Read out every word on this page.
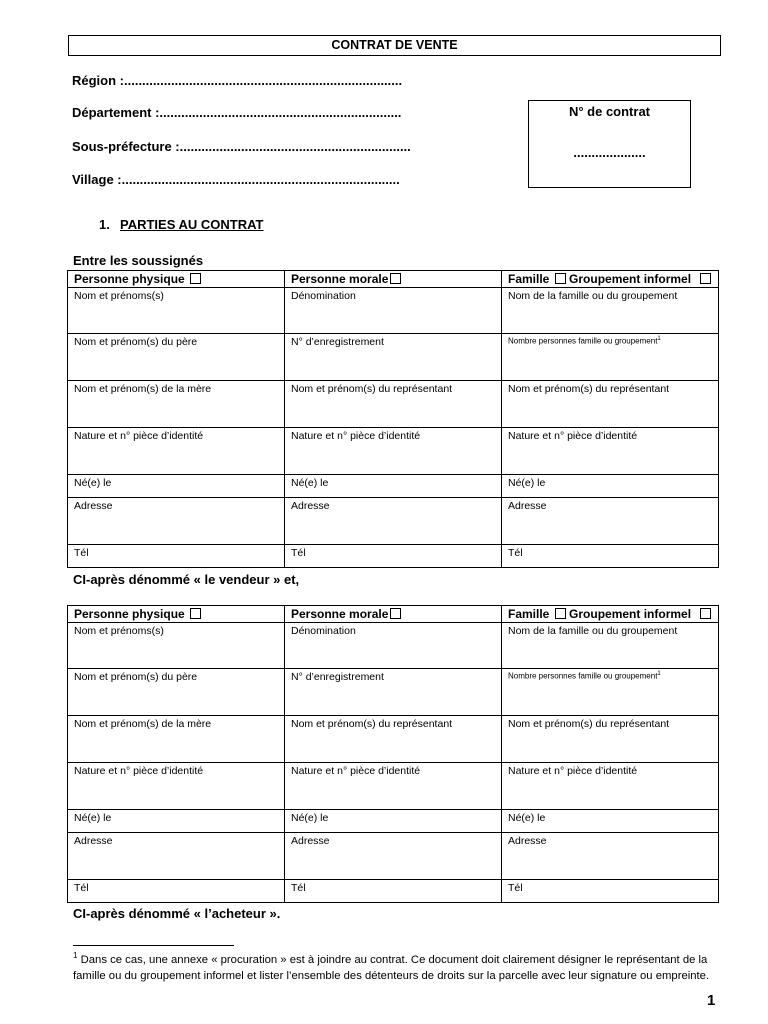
CONTRAT DE VENTE
Région :.............................................................................
Département :...................................................................
Sous-préfecture :................................................................
Village :.............................................................................
N° de contrat
....................
1. PARTIES AU CONTRAT
Entre les soussignés
Personne physique	Personne morale	Famille Groupement informel
Nom et prénoms(s)	Dénomination	Nom de la famille ou du groupement
Nom et prénom(s) du père	N° d’enregistrement	Nombre personnes famille ou groupement$^1$
Nom et prénom(s) de la mère	Nom et prénom(s) du représentant	Nom et prénom(s) du représentant
Nature et n° pièce d’identité	Nature et n° pièce d’identité	Nature et n° pièce d’identité
Né(e) le	Né(e) le	Né(e) le
Adresse	Adresse	Adresse
Tél	Tél	Tél
CI-après dénommé « le vendeur » et,
Personne physique	Personne morale	Famille Groupement informel
Nom et prénoms(s)	Dénomination	Nom de la famille ou du groupement
Nom et prénom(s) du père	N° d’enregistrement	Nombre personnes famille ou groupement$^1$
Nom et prénom(s) de la mère	Nom et prénom(s) du représentant	Nom et prénom(s) du représentant
Nature et n° pièce d’identité	Nature et n° pièce d’identité	Nature et n° pièce d’identité
Né(e) le	Né(e) le	Né(e) le
Adresse	Adresse	Adresse
Tél	Tél	Tél
CI-après dénommé « l’acheteur ».
$^1$ Dans ce cas, une annexe « procuration » est à joindre au contrat. Ce document doit clairement désigner le représentant de la famille ou du groupement informel et lister l’ensemble des détenteurs de droits sur la parcelle avec leur signature ou empreinte.
1
